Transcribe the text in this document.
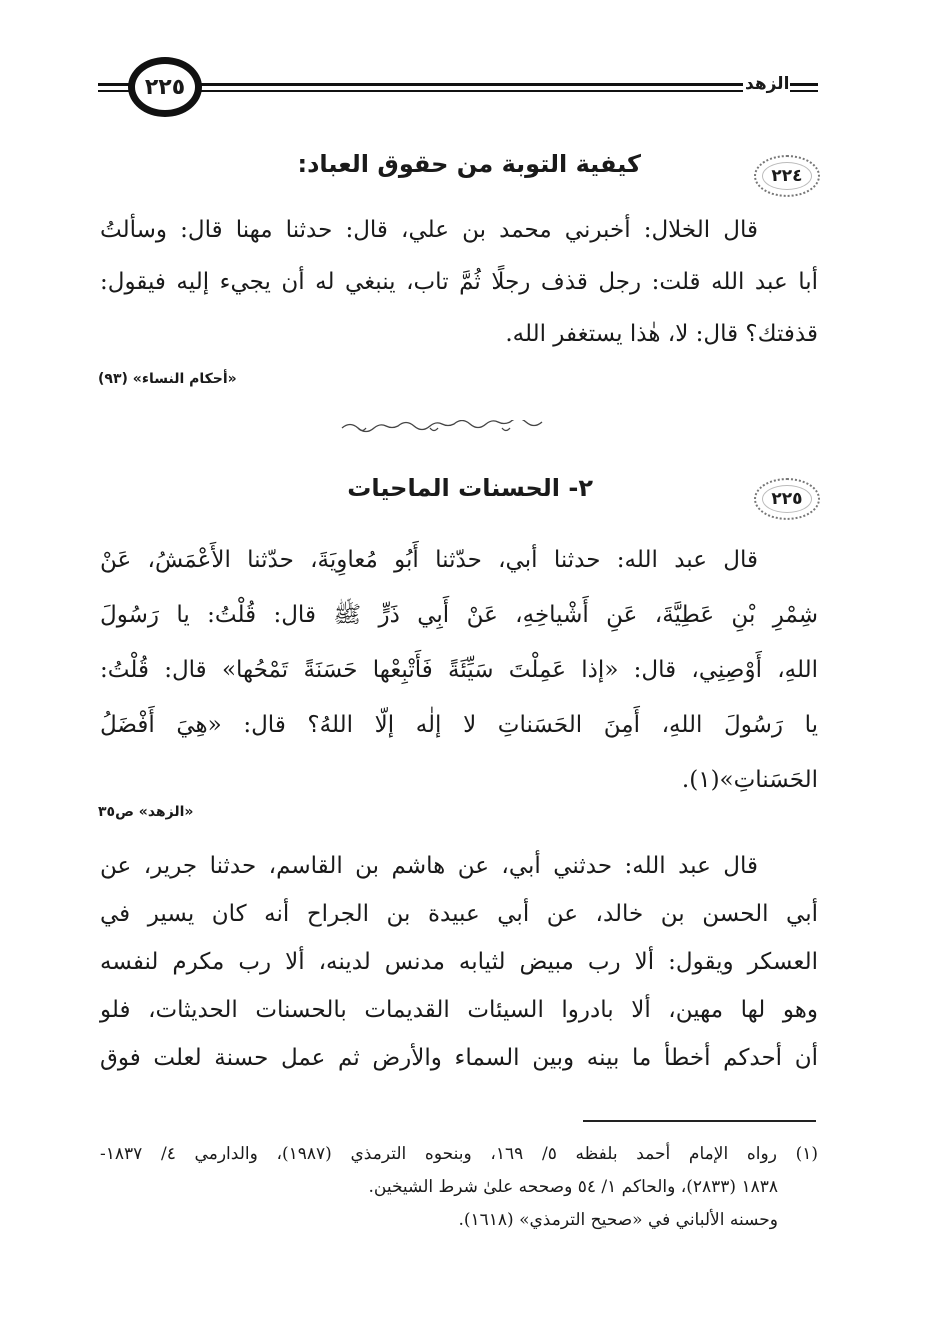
٢٢٥	الزهد
٢٢٤
كيفية التوبة من حقوق العباد:
قال الخلال: أخبرني محمد بن علي، قال: حدثنا مهنا قال: وسألتُ
أبا عبد الله قلت: رجل قذف رجلًا ثُمَّ تاب، ينبغي له أن يجيء إليه فيقول:
قذفتك؟ قال: لا، هٰذا يستغفر الله.
«أحكام النساء» (٩٣)
٢٢٥
٢- الحسنات الماحيات
قال عبد الله: حدثنا أبي، حدّثنا أَبُو مُعاوِيَةَ، حدّثنا الأَعْمَشُ، عَنْ
شِمْرِ بْنِ عَطِيَّةَ، عَنِ أَشْياخِهِ، عَنْ أَبِي ذَرٍّ ﷺ قال: قُلْتُ: يا رَسُولَ
اللهِ، أَوْصِنِي، قال: «إذا عَمِلْتَ سَيِّئَةً فَأَتْبِعْها حَسَنَةً تَمْحُها» قال: قُلْتُ:
يا رَسُولَ اللهِ، أَمِنَ الحَسَناتِ لا إلٰه إلّا اللهُ؟ قال: «هِيَ أَفْضَلُ
الحَسَناتِ»(١).
«الزهد» ص٣٥
قال عبد الله: حدثني أبي، عن هاشم بن القاسم، حدثنا جرير، عن
أبي الحسن بن خالد، عن أبي عبيدة بن الجراح أنه كان يسير في
العسكر ويقول: ألا رب مبيض لثيابه مدنس لدينه، ألا رب مكرم لنفسه
وهو لها مهين، ألا بادروا السيئات القديمات بالحسنات الحديثات، فلو
أن أحدكم أخطأ ما بينه وبين السماء والأرض ثم عمل حسنة لعلت فوق
(١) رواه الإمام أحمد بلفظه ٥/ ١٦٩، وبنحوه الترمذي (١٩٨٧)، والدارمي ٤/ ١٨٣٧-
١٨٣٨ (٢٨٣٣)، والحاكم ١/ ٥٤ وصححه علىٰ شرط الشيخين.
وحسنه الألباني في «صحيح الترمذي» (١٦١٨).
